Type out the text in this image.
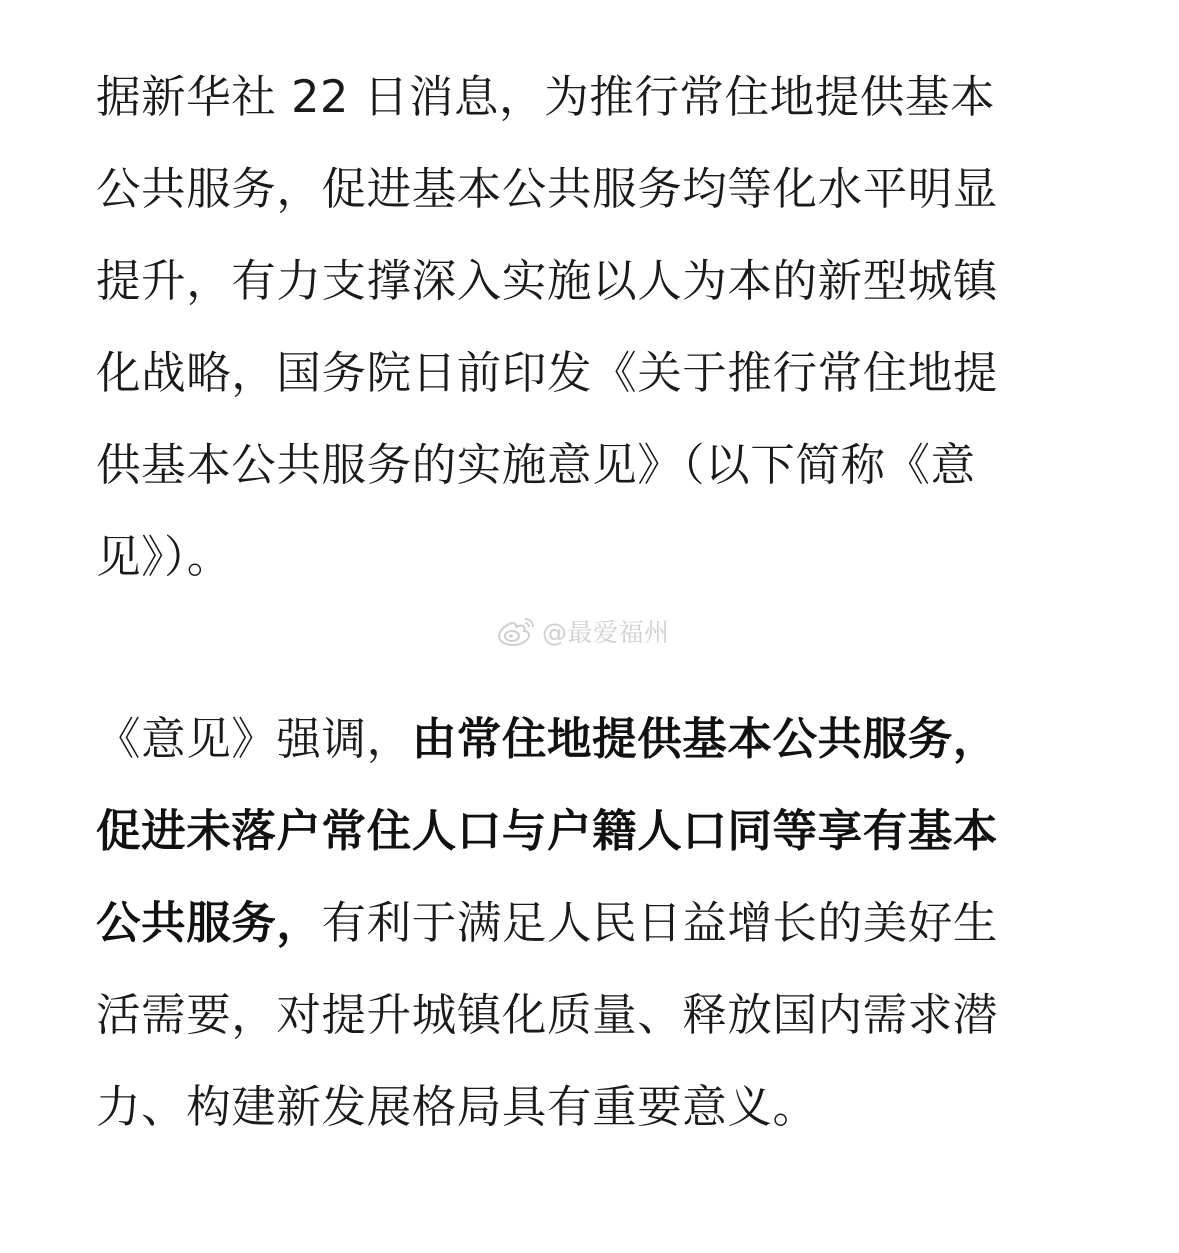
据新华社 22 日消息，为推行常住地提供基本
公共服务，促进基本公共服务均等化水平明显
提升，有力支撑深入实施以人为本的新型城镇
化战略，国务院日前印发《关于推行常住地提
供基本公共服务的实施意见》（以下简称《意
见》）。
@最爱福州
《意见》强调，由常住地提供基本公共服务，
促进未落户常住人口与户籍人口同等享有基本
公共服务，有利于满足人民日益增长的美好生
活需要，对提升城镇化质量、释放国内需求潜
力、构建新发展格局具有重要意义。
